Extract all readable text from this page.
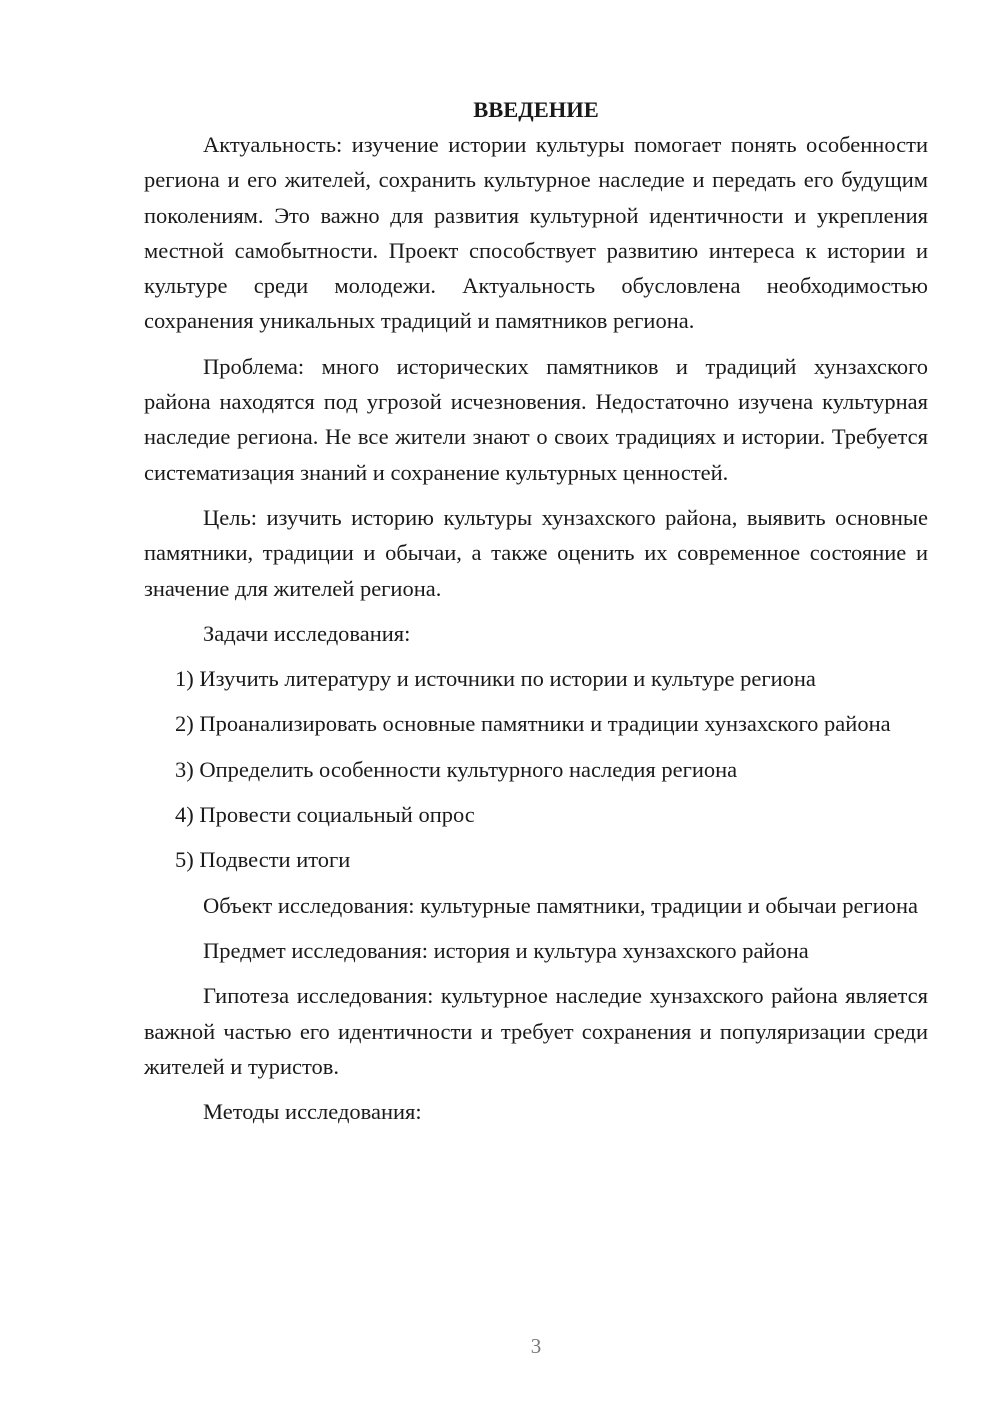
ВВЕДЕНИЕ

Актуальность: изучение истории культуры помогает понять особенности региона и его жителей, сохранить культурное наследие и передать его будущим поколениям. Это важно для развития культурной идентичности и укрепления местной самобытности. Проект способствует развитию интереса к истории и культуре среди молодежи. Актуальность обусловлена необходимостью сохранения уникальных традиций и памятников региона.

Проблема: много исторических памятников и традиций хунзахского района находятся под угрозой исчезновения. Недостаточно изучена культурная наследие региона. Не все жители знают о своих традициях и истории. Требуется систематизация знаний и сохранение культурных ценностей.

Цель: изучить историю культуры хунзахского района, выявить основные памятники, традиции и обычаи, а также оценить их современное состояние и значение для жителей региона.

Задачи исследования:

1) Изучить литературу и источники по истории и культуре региона

2) Проанализировать основные памятники и традиции хунзахского района

3) Определить особенности культурного наследия региона

4) Провести социальный опрос

5) Подвести итоги

Объект исследования: культурные памятники, традиции и обычаи региона

Предмет исследования: история и культура хунзахского района

Гипотеза исследования: культурное наследие хунзахского района является важной частью его идентичности и требует сохранения и популяризации среди жителей и туристов.

Методы исследования:

3
